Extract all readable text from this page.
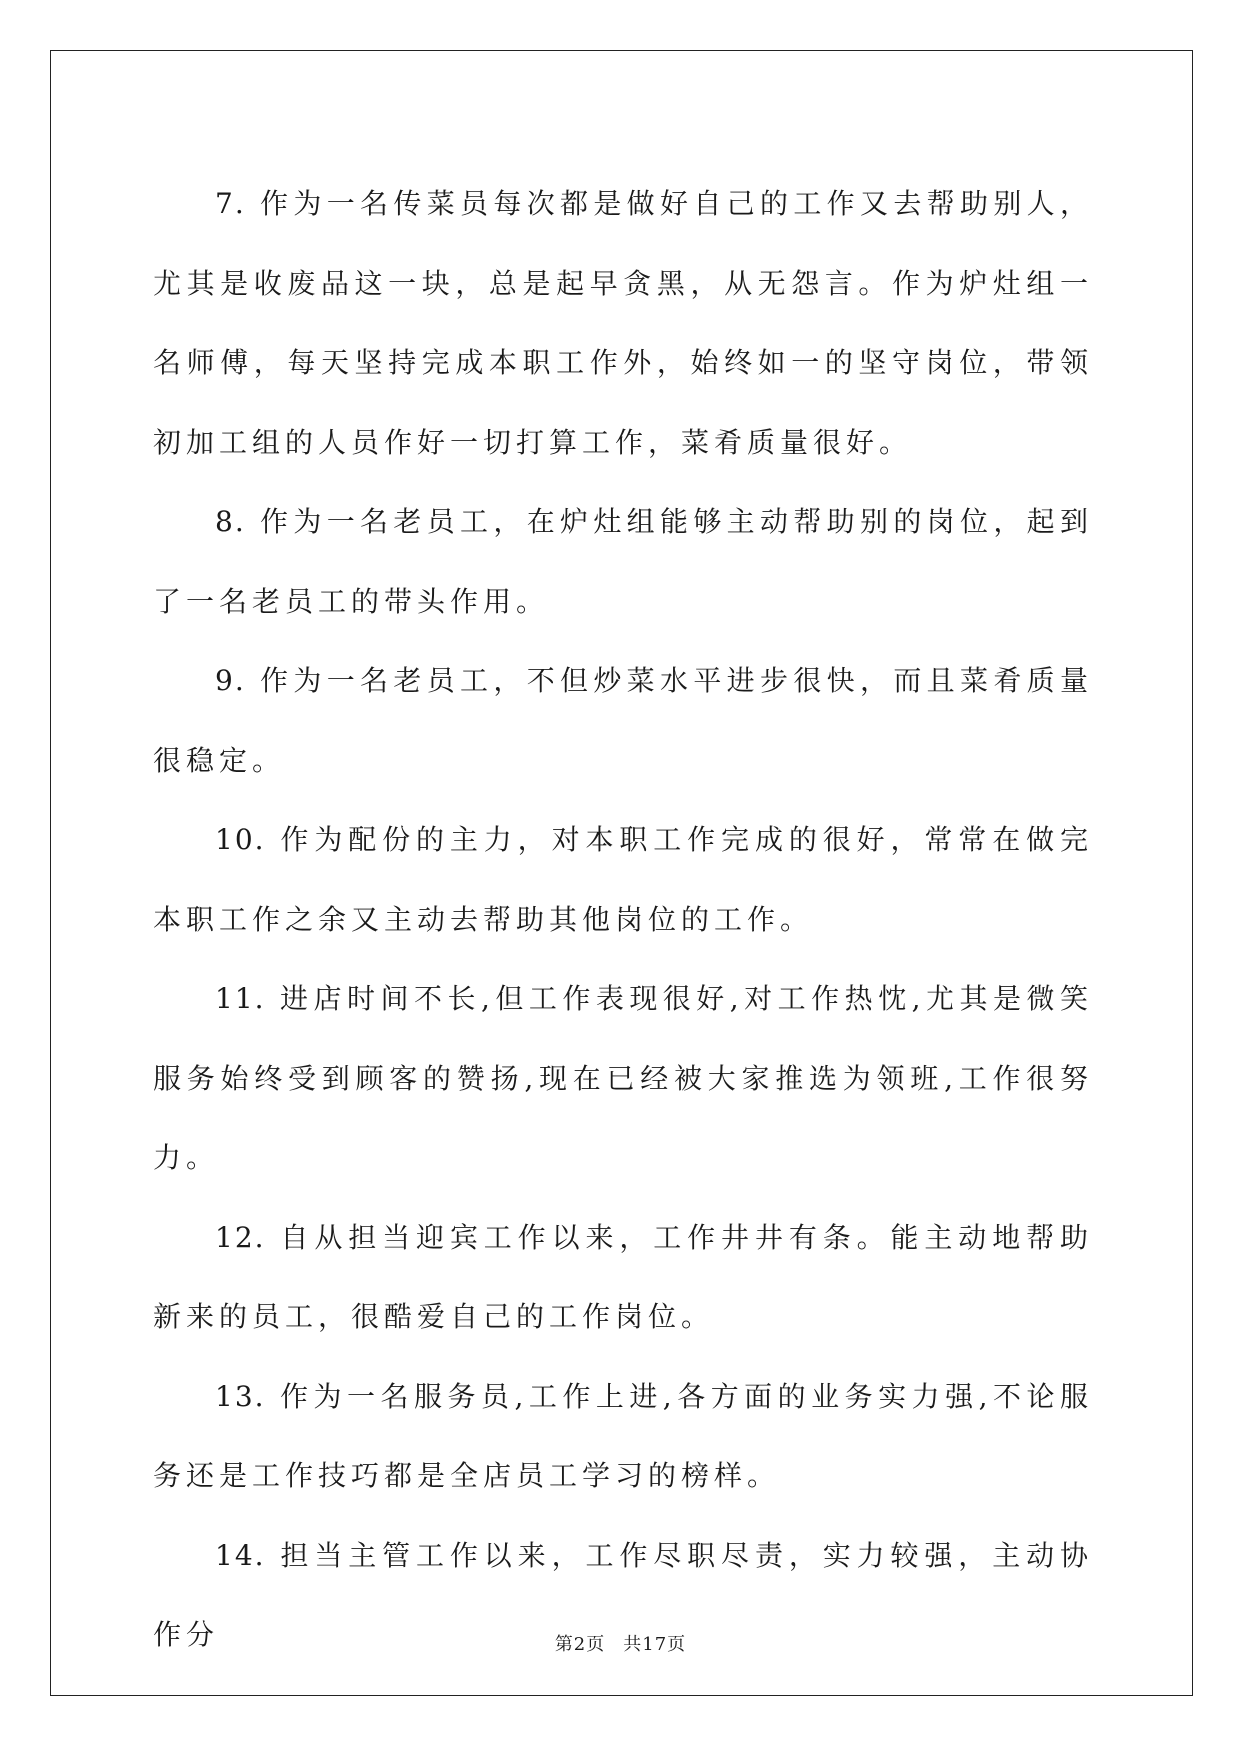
7. 作为一名传菜员每次都是做好自己的工作又去帮助别人，尤其是收废品这一块，总是起早贪黑，从无怨言。作为炉灶组一名师傅，每天坚持完成本职工作外，始终如一的坚守岗位，带领初加工组的人员作好一切打算工作，菜肴质量很好。

8. 作为一名老员工，在炉灶组能够主动帮助别的岗位，起到了一名老员工的带头作用。

9. 作为一名老员工，不但炒菜水平进步很快，而且菜肴质量很稳定。

10. 作为配份的主力，对本职工作完成的很好，常常在做完本职工作之余又主动去帮助其他岗位的工作。

11. 进店时间不长,但工作表现很好,对工作热忱,尤其是微笑服务始终受到顾客的赞扬,现在已经被大家推选为领班,工作很努力。

12. 自从担当迎宾工作以来，工作井井有条。能主动地帮助新来的员工，很酷爱自己的工作岗位。

13. 作为一名服务员,工作上进,各方面的业务实力强,不论服务还是工作技巧都是全店员工学习的榜样。

14. 担当主管工作以来，工作尽职尽责，实力较强，主动协作分	第2页 共17页
